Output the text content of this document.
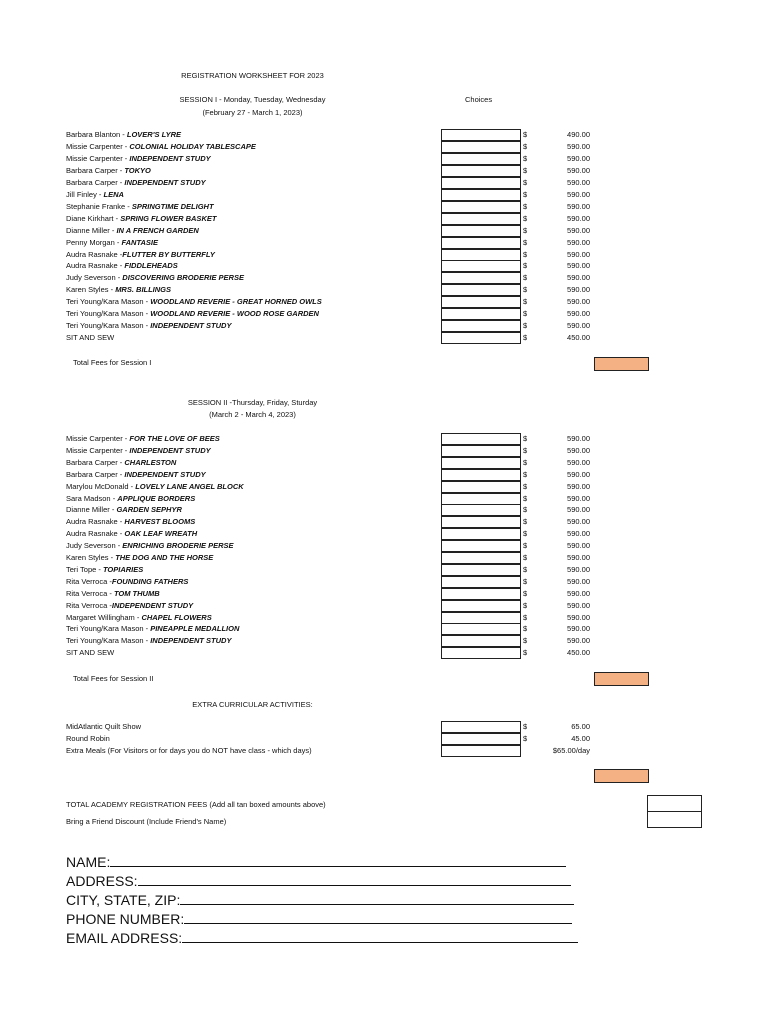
REGISTRATION WORKSHEET FOR 2023
SESSION I - Monday, Tuesday, Wednesday
(February 27 - March 1, 2023)
Choices
Barbara Blanton - LOVER'S LYRE	$	490.00
Missie Carpenter - COLONIAL HOLIDAY TABLESCAPE	$	590.00
Missie Carpenter - INDEPENDENT STUDY	$	590.00
Barbara Carper - TOKYO	$	590.00
Barbara Carper - INDEPENDENT STUDY	$	590.00
Jill Finley - LENA	$	590.00
Stephanie Franke - SPRINGTIME DELIGHT	$	590.00
Diane Kirkhart - SPRING FLOWER BASKET	$	590.00
Dianne Miller - IN A FRENCH GARDEN	$	590.00
Penny Morgan - FANTASIE	$	590.00
Audra Rasnake -FLUTTER BY BUTTERFLY	$	590.00
Audra Rasnake - FIDDLEHEADS	$	590.00
Judy Severson - DISCOVERING BRODERIE PERSE	$	590.00
Karen Styles - MRS. BILLINGS	$	590.00
Teri Young/Kara Mason - WOODLAND REVERIE - GREAT HORNED OWLS	$	590.00
Teri Young/Kara Mason - WOODLAND REVERIE - WOOD ROSE GARDEN	$	590.00
Teri Young/Kara Mason - INDEPENDENT STUDY	$	590.00
SIT AND SEW	$	450.00
Total Fees for Session I
SESSION II -Thursday, Friday, Sturday
(March 2 - March 4, 2023)
Missie Carpenter - FOR THE LOVE OF BEES	$	590.00
Missie Carpenter - INDEPENDENT STUDY	$	590.00
Barbara Carper - CHARLESTON	$	590.00
Barbara Carper - INDEPENDENT STUDY	$	590.00
Marylou McDonald - LOVELY LANE ANGEL BLOCK	$	590.00
Sara Madson - APPLIQUE BORDERS	$	590.00
Dianne Miller - GARDEN SEPHYR	$	590.00
Audra Rasnake - HARVEST BLOOMS	$	590.00
Audra Rasnake - OAK LEAF WREATH	$	590.00
Judy Severson - ENRICHING BRODERIE PERSE	$	590.00
Karen Styles - THE DOG AND THE HORSE	$	590.00
Teri Tope - TOPIARIES	$	590.00
Rita Verroca -FOUNDING FATHERS	$	590.00
Rita Verroca - TOM THUMB	$	590.00
Rita Verroca -INDEPENDENT STUDY	$	590.00
Margaret Willingham - CHAPEL FLOWERS	$	590.00
Teri Young/Kara Mason - PINEAPPLE MEDALLION	$	590.00
Teri Young/Kara Mason - INDEPENDENT STUDY	$	590.00
SIT AND SEW	$	450.00
Total Fees for Session II
EXTRA CURRICULAR ACTIVITIES:
MidAtlantic Quilt Show	$	65.00
Round Robin	$	45.00
Extra Meals (For Visitors or for days you do NOT have class - which days)	$65.00/day
TOTAL ACADEMY REGISTRATION FEES (Add all tan boxed amounts above)
Bring a Friend Discount (Include Friend's Name)
NAME:
ADDRESS:
CITY, STATE, ZIP:
PHONE NUMBER:
EMAIL ADDRESS:
